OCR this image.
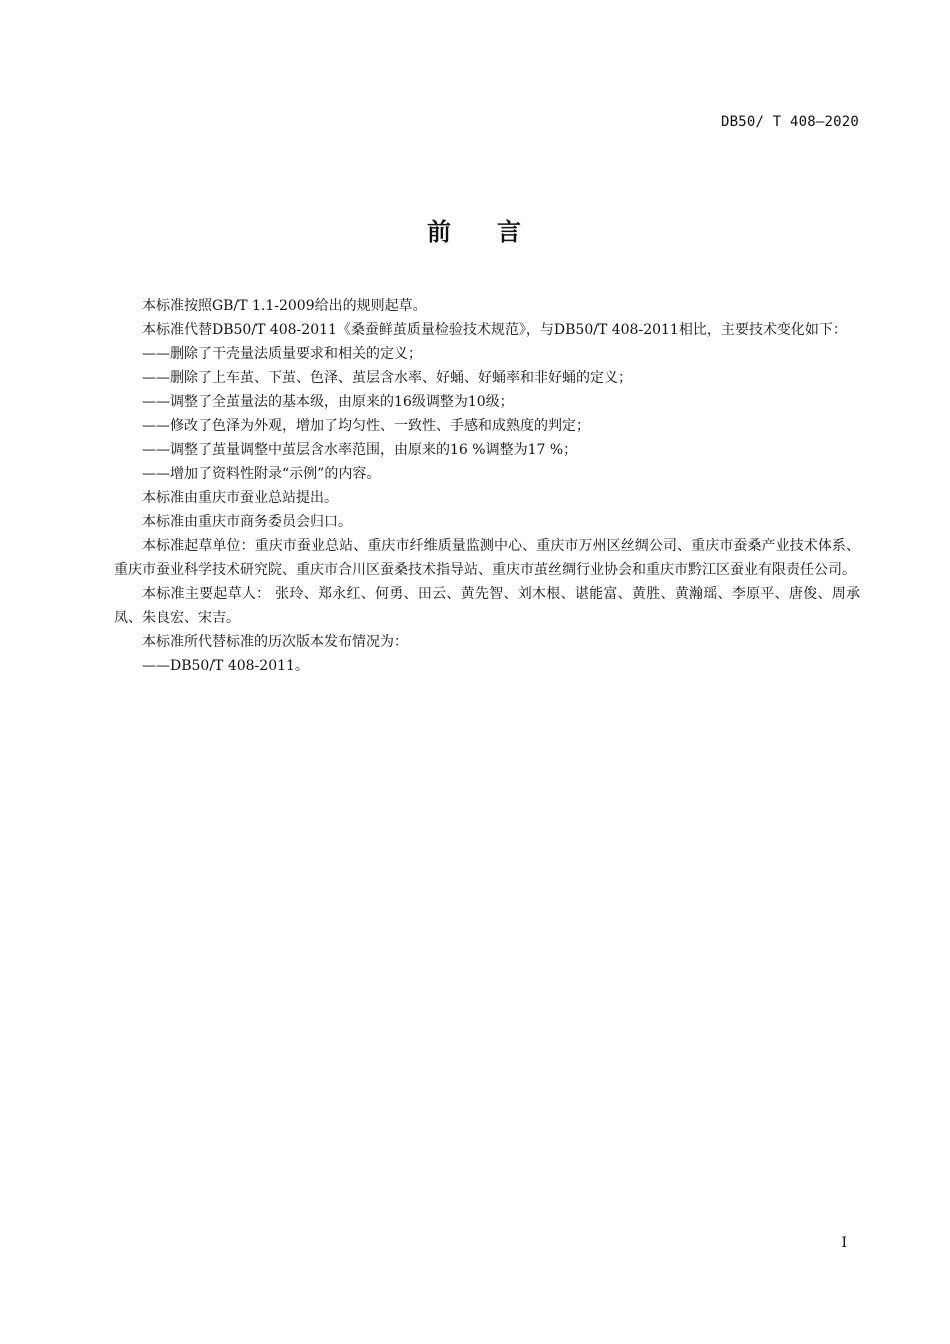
DB50/ T 408—2020
前 言

本标准按照GB/T 1.1-2009给出的规则起草。

本标准代替DB50/T 408-2011《桑蚕鲜茧质量检验技术规范》，与DB50/T 408-2011相比，主要技术变化如下：

——删除了干壳量法质量要求和相关的定义；

——删除了上车茧、下茧、色泽、茧层含水率、好蛹、好蛹率和非好蛹的定义；

——调整了全茧量法的基本级，由原来的16级调整为10级；

——修改了色泽为外观，增加了均匀性、一致性、手感和成熟度的判定；

——调整了茧量调整中茧层含水率范围，由原来的16 %调整为17 %；

——增加了资料性附录“示例”的内容。

本标准由重庆市蚕业总站提出。

本标准由重庆市商务委员会归口。

本标准起草单位：重庆市蚕业总站、重庆市纤维质量监测中心、重庆市万州区丝绸公司、重庆市蚕桑产业技术体系、重庆市蚕业科学技术研究院、重庆市合川区蚕桑技术指导站、重庆市茧丝绸行业协会和重庆市黔江区蚕业有限责任公司。

本标准主要起草人： 张玲、郑永红、何勇、田云、黄先智、刘木根、谌能富、黄胜、黄瀚瑶、李原平、唐俊、周承凤、朱良宏、宋吉。

本标准所代替标准的历次版本发布情况为：

——DB50/T 408-2011。

I
